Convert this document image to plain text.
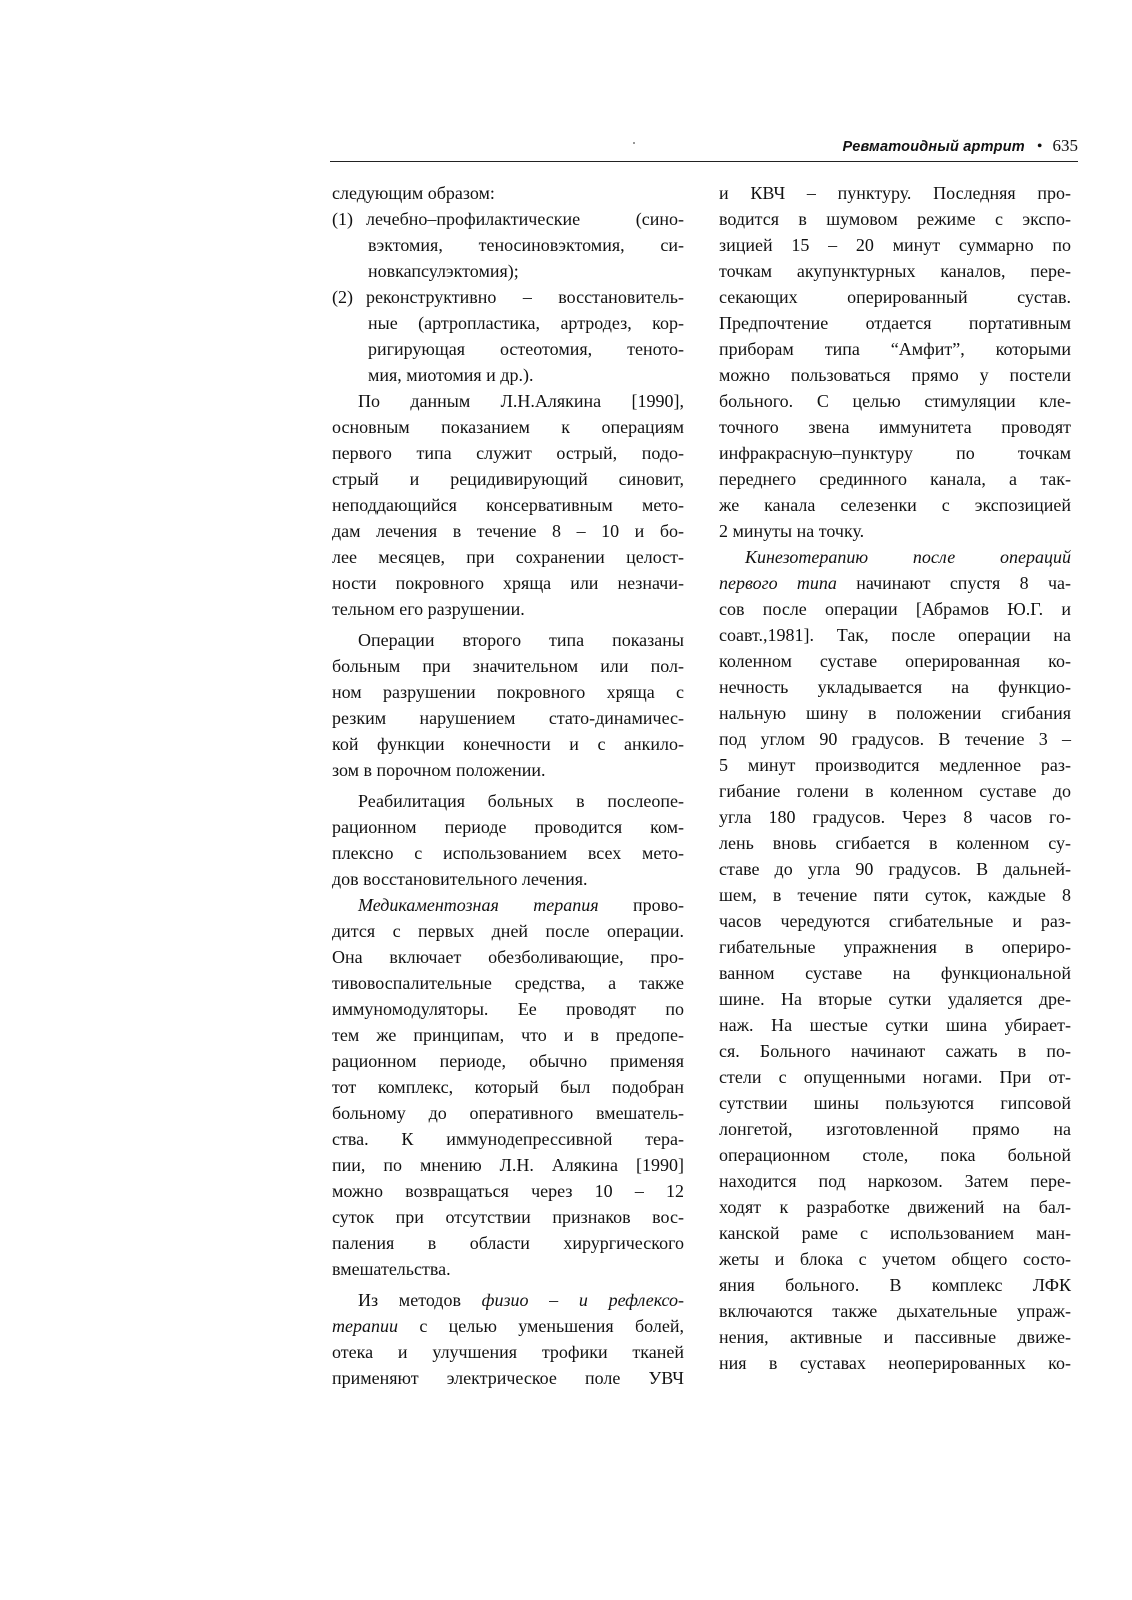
Ревматоидный артрит • 635
следующим образом:
(1) лечебно–профилактические (сино-
вэктомия, теносиновэктомия, си-
новкапсулэктомия);
(2) реконструктивно – восстановитель-
ные (артропластика, артродез, кор-
ригирующая остеотомия, теното-
мия, миотомия и др.).
По данным Л.Н.Алякина [1990],
основным показанием к операциям
первого типа служит острый, подо-
стрый и рецидивирующий синовит,
неподдающийся консервативным мето-
дам лечения в течение 8 – 10 и бо-
лее месяцев, при сохранении целост-
ности покровного хряща или незначи-
тельном его разрушении.
Операции второго типа показаны
больным при значительном или пол-
ном разрушении покровного хряща с
резким нарушением стато-динамичес-
кой функции конечности и с анкило-
зом в порочном положении.
Реабилитация больных в послеопе-
рационном периоде проводится ком-
плексно с использованием всех мето-
дов восстановительного лечения.
Медикаментозная терапия прово-
дится с первых дней после операции.
Она включает обезболивающие, про-
тивовоспалительные средства, а также
иммуномодуляторы. Ее проводят по
тем же принципам, что и в предопе-
рационном периоде, обычно применяя
тот комплекс, который был подобран
больному до оперативного вмешатель-
ства. К иммунодепрессивной тера-
пии, по мнению Л.Н. Алякина [1990]
можно возвращаться через 10 – 12
суток при отсутствии признаков вос-
паления в области хирургического
вмешательства.
Из методов физио – и рефлексо-
терапии с целью уменьшения болей,
отека и улучшения трофики тканей
применяют электрическое поле УВЧ
и КВЧ – пунктуру. Последняя про-
водится в шумовом режиме с экспо-
зицией 15 – 20 минут суммарно по
точкам акупунктурных каналов, пере-
секающих оперированный сустав.
Предпочтение отдается портативным
приборам типа “Амфит”, которыми
можно пользоваться прямо у постели
больного. С целью стимуляции кле-
точного звена иммунитета проводят
инфракрасную–пунктуру по точкам
переднего срединного канала, а так-
же канала селезенки с экспозицией
2 минуты на точку.
Кинезотерапию после операций
первого типа начинают спустя 8 ча-
сов после операции [Абрамов Ю.Г. и
соавт.,1981]. Так, после операции на
коленном суставе оперированная ко-
нечность укладывается на функцио-
нальную шину в положении сгибания
под углом 90 градусов. В течение 3 –
5 минут производится медленное раз-
гибание голени в коленном суставе до
угла 180 градусов. Через 8 часов го-
лень вновь сгибается в коленном су-
ставе до угла 90 градусов. В дальней-
шем, в течение пяти суток, каждые 8
часов чередуются сгибательные и раз-
гибательные упражнения в опериро-
ванном суставе на функциональной
шине. На вторые сутки удаляется дре-
наж. На шестые сутки шина убирает-
ся. Больного начинают сажать в по-
стели с опущенными ногами. При от-
сутствии шины пользуются гипсовой
лонгетой, изготовленной прямо на
операционном столе, пока больной
находится под наркозом. Затем пере-
ходят к разработке движений на бал-
канской раме с использованием ман-
жеты и блока с учетом общего состо-
яния больного. В комплекс ЛФК
включаются также дыхательные упраж-
нения, активные и пассивные движе-
ния в суставах неоперированных ко-
